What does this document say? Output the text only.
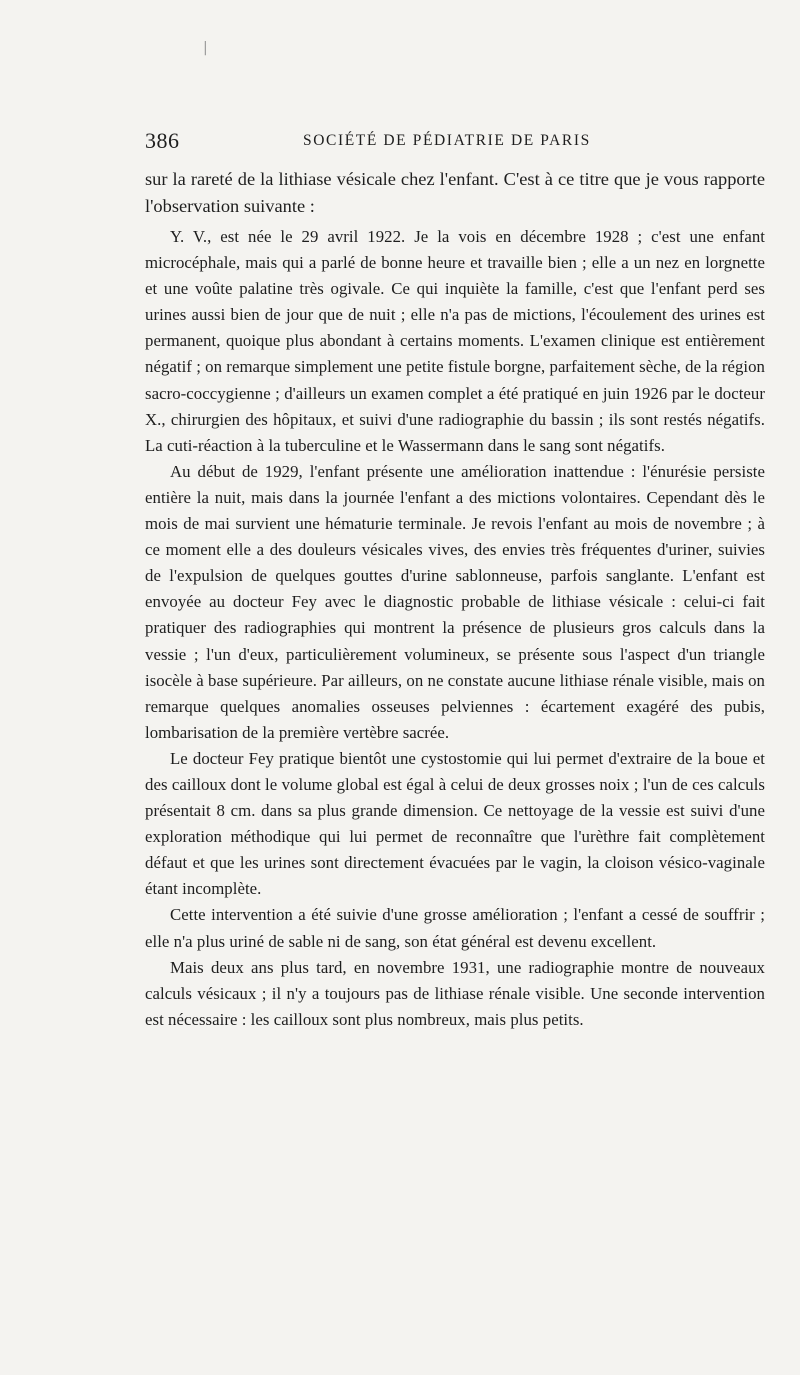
|
386	SOCIÉTÉ DE PÉDIATRIE DE PARIS

sur la rareté de la lithiase vésicale chez l'enfant. C'est à ce titre que je vous rapporte l'observation suivante :

Y. V., est née le 29 avril 1922. Je la vois en décembre 1928 ; c'est une enfant microcéphale, mais qui a parlé de bonne heure et travaille bien ; elle a un nez en lorgnette et une voûte palatine très ogivale. Ce qui inquiète la famille, c'est que l'enfant perd ses urines aussi bien de jour que de nuit ; elle n'a pas de mictions, l'écoulement des urines est permanent, quoique plus abondant à certains moments. L'examen clinique est entièrement négatif ; on remarque simplement une petite fistule borgne, parfaitement sèche, de la région sacro-coccygienne ; d'ailleurs un examen complet a été pratiqué en juin 1926 par le docteur X., chirurgien des hôpitaux, et suivi d'une radiographie du bassin ; ils sont restés négatifs. La cuti-réaction à la tuberculine et le Wassermann dans le sang sont négatifs.

Au début de 1929, l'enfant présente une amélioration inattendue : l'énurésie persiste entière la nuit, mais dans la journée l'enfant a des mictions volontaires. Cependant dès le mois de mai survient une hématurie terminale. Je revois l'enfant au mois de novembre ; à ce moment elle a des douleurs vésicales vives, des envies très fréquentes d'uriner, suivies de l'expulsion de quelques gouttes d'urine sablonneuse, parfois sanglante. L'enfant est envoyée au docteur Fey avec le diagnostic probable de lithiase vésicale : celui-ci fait pratiquer des radiographies qui montrent la présence de plusieurs gros calculs dans la vessie ; l'un d'eux, particulièrement volumineux, se présente sous l'aspect d'un triangle isocèle à base supérieure. Par ailleurs, on ne constate aucune lithiase rénale visible, mais on remarque quelques anomalies osseuses pelviennes : écartement exagéré des pubis, lombarisation de la première vertèbre sacrée.

Le docteur Fey pratique bientôt une cystostomie qui lui permet d'extraire de la boue et des cailloux dont le volume global est égal à celui de deux grosses noix ; l'un de ces calculs présentait 8 cm. dans sa plus grande dimension. Ce nettoyage de la vessie est suivi d'une exploration méthodique qui lui permet de reconnaître que l'urèthre fait complètement défaut et que les urines sont directement évacuées par le vagin, la cloison vésico-vaginale étant incomplète.

Cette intervention a été suivie d'une grosse amélioration ; l'enfant a cessé de souffrir ; elle n'a plus uriné de sable ni de sang, son état général est devenu excellent.

Mais deux ans plus tard, en novembre 1931, une radiographie montre de nouveaux calculs vésicaux ; il n'y a toujours pas de lithiase rénale visible. Une seconde intervention est nécessaire : les cailloux sont plus nombreux, mais plus petits.
